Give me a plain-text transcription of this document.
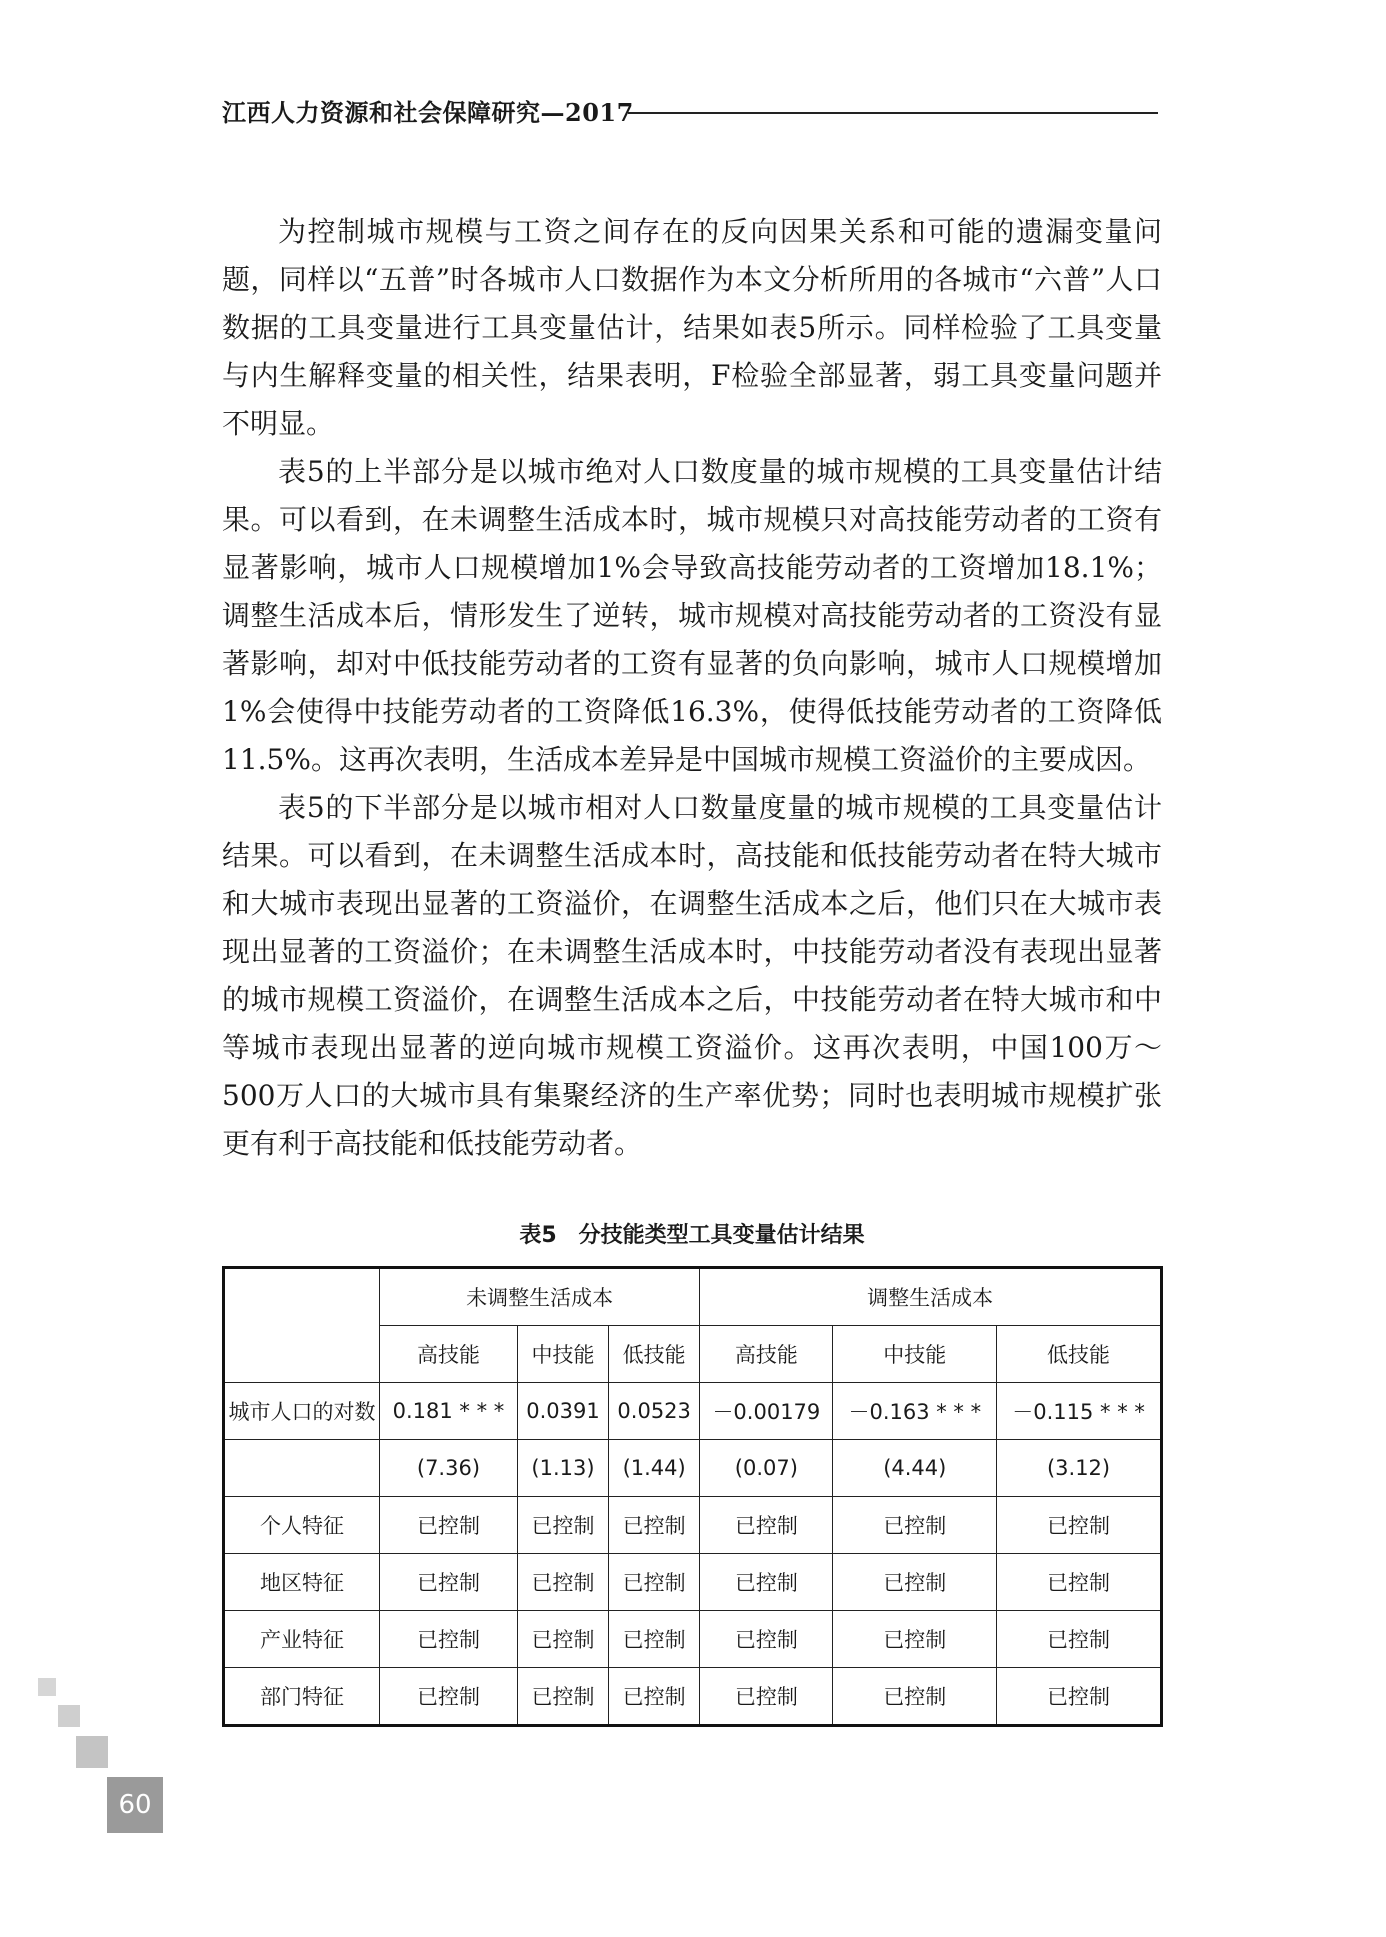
江西人力资源和社会保障研究—2017

为控制城市规模与工资之间存在的反向因果关系和可能的遗漏变量问题，同样以“五普”时各城市人口数据作为本文分析所用的各城市“六普”人口数据的工具变量进行工具变量估计，结果如表5所示。同样检验了工具变量与内生解释变量的相关性，结果表明，F检验全部显著，弱工具变量问题并不明显。

表5的上半部分是以城市绝对人口数度量的城市规模的工具变量估计结果。可以看到，在未调整生活成本时，城市规模只对高技能劳动者的工资有显著影响，城市人口规模增加1%会导致高技能劳动者的工资增加18.1%；调整生活成本后，情形发生了逆转，城市规模对高技能劳动者的工资没有显著影响，却对中低技能劳动者的工资有显著的负向影响，城市人口规模增加1%会使得中技能劳动者的工资降低16.3%，使得低技能劳动者的工资降低11.5%。这再次表明，生活成本差异是中国城市规模工资溢价的主要成因。

表5的下半部分是以城市相对人口数量度量的城市规模的工具变量估计结果。可以看到，在未调整生活成本时，高技能和低技能劳动者在特大城市和大城市表现出显著的工资溢价，在调整生活成本之后，他们只在大城市表现出显著的工资溢价；在未调整生活成本时，中技能劳动者没有表现出显著的城市规模工资溢价，在调整生活成本之后，中技能劳动者在特大城市和中等城市表现出显著的逆向城市规模工资溢价。这再次表明，中国100万～500万人口的大城市具有集聚经济的生产率优势；同时也表明城市规模扩张更有利于高技能和低技能劳动者。

表5　分技能类型工具变量估计结果
	未调整生活成本			调整生活成本		
	高技能	中技能	低技能	高技能	中技能	低技能
城市人口的对数	0.181 * * *	0.0391	0.0523	－0.00179	－0.163 * * *	－0.115 * * *
	(7.36)	(1.13)	(1.44)	(0.07)	(4.44)	(3.12)
个人特征	已控制	已控制	已控制	已控制	已控制	已控制
地区特征	已控制	已控制	已控制	已控制	已控制	已控制
产业特征	已控制	已控制	已控制	已控制	已控制	已控制
部门特征	已控制	已控制	已控制	已控制	已控制	已控制
60
